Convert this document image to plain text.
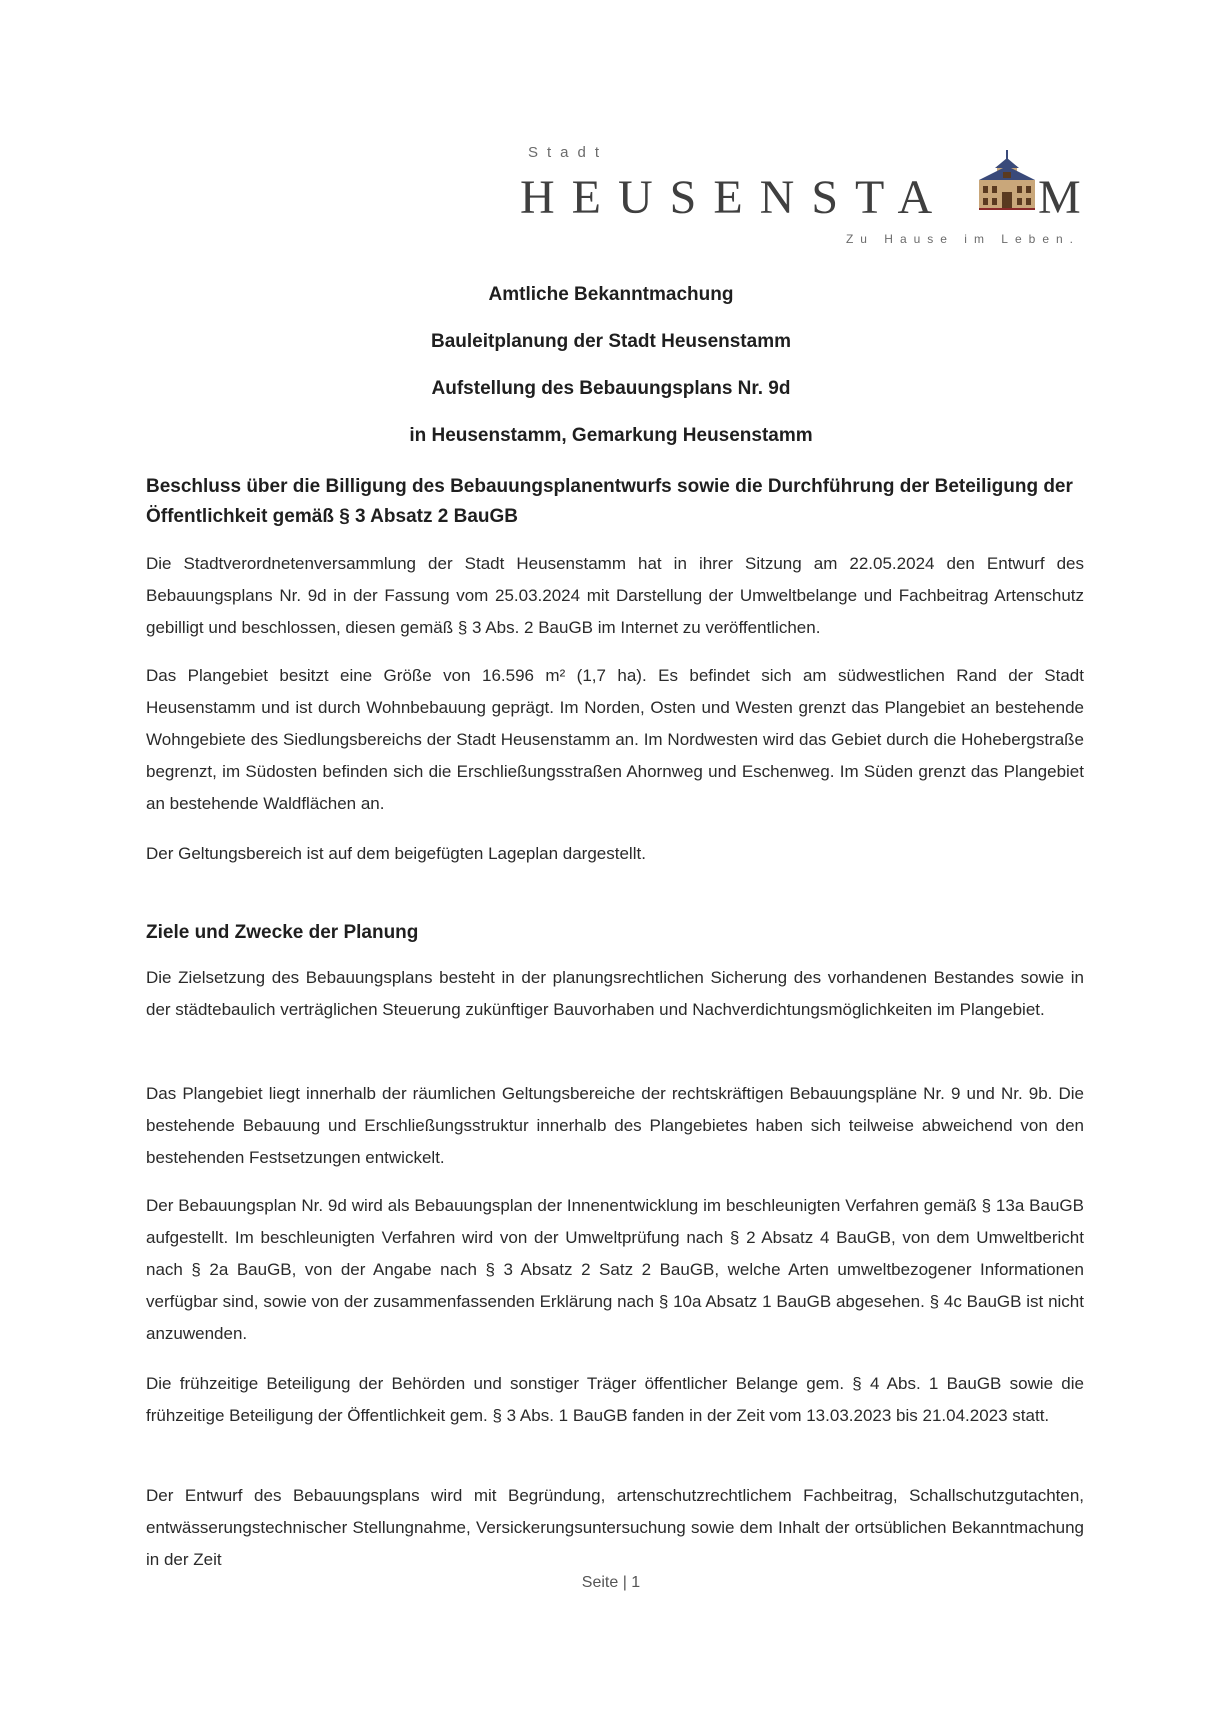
Stadt
HEUSENSTA M
Zu Hause im Leben.
Amtliche Bekanntmachung
Bauleitplanung der Stadt Heusenstamm
Aufstellung des Bebauungsplans Nr. 9d
in Heusenstamm, Gemarkung Heusenstamm
Beschluss über die Billigung des Bebauungsplanentwurfs sowie die Durchführung der Beteiligung der Öffentlichkeit gemäß § 3 Absatz 2 BauGB
Die Stadtverordnetenversammlung der Stadt Heusenstamm hat in ihrer Sitzung am 22.05.2024 den Entwurf des Bebauungsplans Nr. 9d in der Fassung vom 25.03.2024 mit Darstellung der Umweltbelange und Fachbeitrag Artenschutz gebilligt und beschlossen, diesen gemäß § 3 Abs. 2 BauGB im Internet zu veröffentlichen.
Das Plangebiet besitzt eine Größe von 16.596 m² (1,7 ha). Es befindet sich am südwestlichen Rand der Stadt Heusenstamm und ist durch Wohnbebauung geprägt. Im Norden, Osten und Westen grenzt das Plangebiet an bestehende Wohngebiete des Siedlungsbereichs der Stadt Heusenstamm an. Im Nordwesten wird das Gebiet durch die Hohebergstraße begrenzt, im Südosten befinden sich die Erschließungsstraßen Ahornweg und Eschenweg. Im Süden grenzt das Plangebiet an bestehende Waldflächen an.
Der Geltungsbereich ist auf dem beigefügten Lageplan dargestellt.
Ziele und Zwecke der Planung
Die Zielsetzung des Bebauungsplans besteht in der planungsrechtlichen Sicherung des vorhandenen Bestandes sowie in der städtebaulich verträglichen Steuerung zukünftiger Bauvorhaben und Nachverdichtungsmöglichkeiten im Plangebiet.
Das Plangebiet liegt innerhalb der räumlichen Geltungsbereiche der rechtskräftigen Bebauungspläne Nr. 9 und Nr. 9b. Die bestehende Bebauung und Erschließungsstruktur innerhalb des Plangebietes haben sich teilweise abweichend von den bestehenden Festsetzungen entwickelt.
Der Bebauungsplan Nr. 9d wird als Bebauungsplan der Innenentwicklung im beschleunigten Verfahren gemäß § 13a BauGB aufgestellt. Im beschleunigten Verfahren wird von der Umweltprüfung nach § 2 Absatz 4 BauGB, von dem Umweltbericht nach § 2a BauGB, von der Angabe nach § 3 Absatz 2 Satz 2 BauGB, welche Arten umweltbezogener Informationen verfügbar sind, sowie von der zusammenfassenden Erklärung nach § 10a Absatz 1 BauGB abgesehen. § 4c BauGB ist nicht anzuwenden.
Die frühzeitige Beteiligung der Behörden und sonstiger Träger öffentlicher Belange gem. § 4 Abs. 1 BauGB sowie die frühzeitige Beteiligung der Öffentlichkeit gem. § 3 Abs. 1 BauGB fanden in der Zeit vom 13.03.2023 bis 21.04.2023 statt.
Der Entwurf des Bebauungsplans wird mit Begründung, artenschutzrechtlichem Fachbeitrag, Schallschutzgutachten, entwässerungstechnischer Stellungnahme, Versickerungsuntersuchung sowie dem Inhalt der ortsüblichen Bekanntmachung in der Zeit
Seite | 1
